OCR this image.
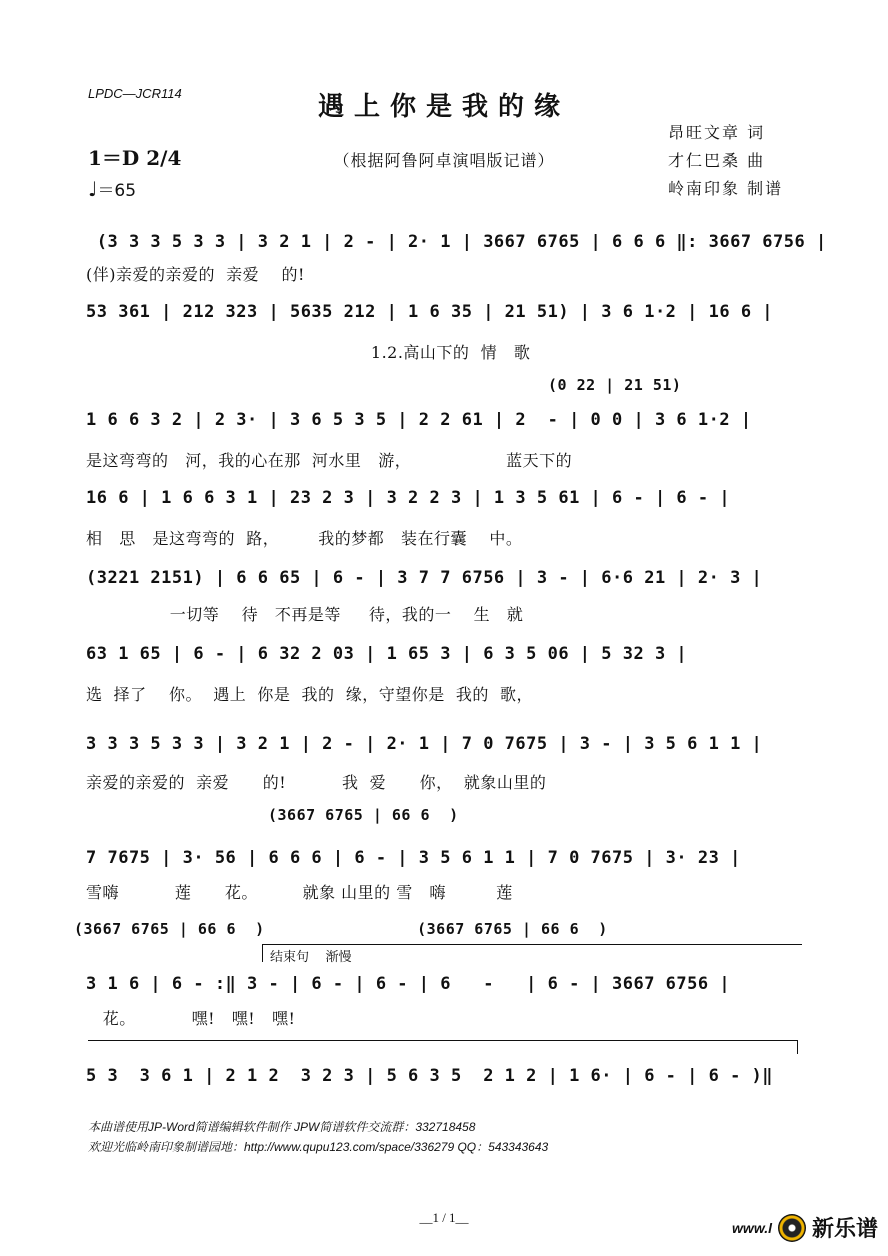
LPDC—JCR114	遇上你是我的缘
（根据阿鲁阿卓演唱版记谱）
1＝D 2/4
♩＝65
昂旺文章 词
才仁巴桑 曲
岭南印象 制谱
(3 3 3 5 3 3 | 3 2 1 | 2 - | 2· 1 | 3667 6765 | 6 6 6 ‖: 3667 6756 |
(伴)亲爱的亲爱的  亲爱    的!
53 361 | 212 323 | 5635 212 | 1 6 35 | 21 51) | 3 6 1·2 | 16 6 |
1.2.高山下的  情   歌
(0 22 | 21 51)
1 6 6 3 2 | 2 3· | 3 6 5 3 5 | 2 2 61 | 2  - | 0 0 | 3 6 1·2 |
是这弯弯的   河，我的心在那  河水里   游，                 蓝天下的
16 6 | 1 6 6 3 1 | 23 2 3 | 3 2 2 3 | 1 3 5 61 | 6 - | 6 - |
相   思   是这弯弯的  路，       我的梦都   装在行囊    中。
(3221 2151) | 6 6 65 | 6 - | 3 7 7 6756 | 3 - | 6·6 21 | 2· 3 |
一切等    待   不再是等     待，我的一    生   就
63 1 65 | 6 - | 6 32 2 03 | 1 65 3 | 6 3 5 06 | 5 32 3 |
选  择了    你。  遇上  你是  我的  缘，守望你是  我的  歌，
3 3 3 5 3 3 | 3 2 1 | 2 - | 2· 1 | 7 0 7675 | 3 - | 3 5 6 1 1 |
亲爱的亲爱的  亲爱      的!          我  爱      你，  就象山里的
(3667 6765 | 66 6  )
7 7675 | 3· 56 | 6 6 6 | 6 - | 3 5 6 1 1 | 7 0 7675 | 3· 23 |
雪嗨          莲      花。        就象 山里的 雪   嗨         莲
(3667 6765 | 66 6  )                (3667 6765 | 66 6  )
结束句    渐慢
3 1 6 | 6 - :‖ 3 - | 6 - | 6 - | 6   -   | 6 - | 3667 6756 |
花。          嘿!   嘿!   嘿!
5 3  3 6 1 | 2 1 2  3 2 3 | 5 6 3 5  2 1 2 | 1 6· | 6 - | 6 - )‖
本曲谱使用JP-Word简谱编辑软件制作 JPW简谱软件交流群：332718458
欢迎光临岭南印象制谱园地：http://www.qupu123.com/space/336279 QQ：543343643
__1 / 1__
www.l 新乐谱
